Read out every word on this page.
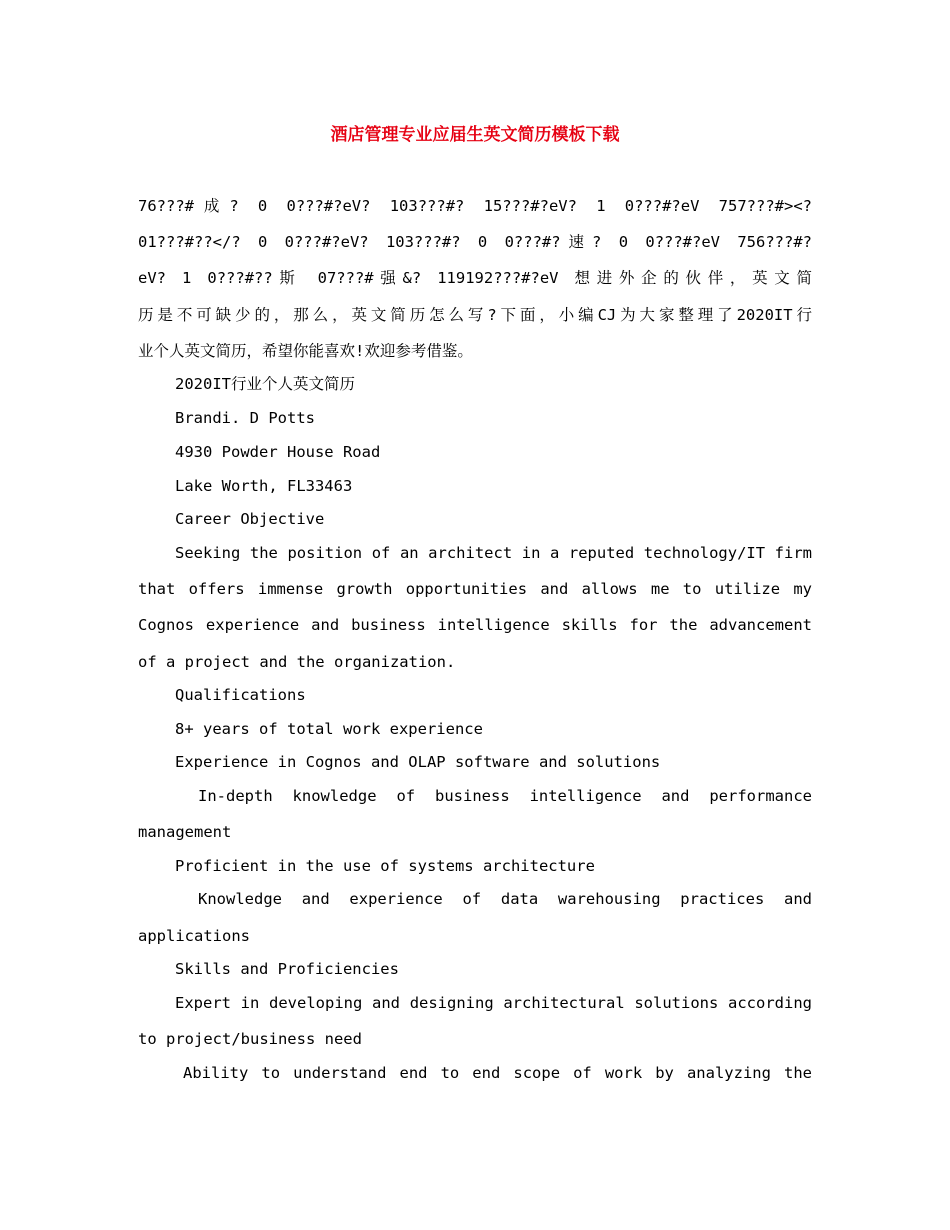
酒店管理专业应届生英文简历模板下载
76???#成? 0 0???#?eV? 103???#? 15???#?eV? 1 0???#?eV 757???#><?
01???#??</? 0 0???#?eV? 103???#? 0 0???#?速? 0 0???#?eV 756???#?
eV? 1 0???#??斯 07???#强&? 119192???#?eV 想进外企的伙伴，英文简
历是不可缺少的，那么，英文简历怎么写?下面，小编CJ为大家整理了2020IT行
业个人英文简历，希望你能喜欢!欢迎参考借鉴。
2020IT行业个人英文简历
Brandi. D Potts
4930 Powder House Road
Lake Worth, FL33463
Career Objective
Seeking the position of an architect in a reputed technology/IT firm
that offers immense growth opportunities and allows me to utilize my
Cognos experience and business intelligence skills for the advancement
of a project and the organization.
Qualifications
8+ years of total work experience
Experience in Cognos and OLAP software and solutions
In-depth knowledge of business intelligence and performance
management
Proficient in the use of systems architecture
Knowledge and experience of data warehousing practices and
applications
Skills and Proficiencies
Expert in developing and designing architectural solutions according
to project/business need
Ability to understand end to end scope of work by analyzing the
